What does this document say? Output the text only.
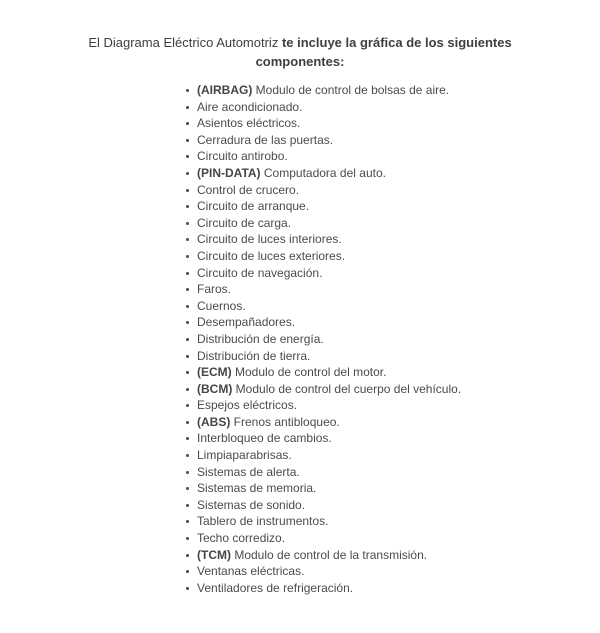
El Diagrama Eléctrico Automotriz te incluye la gráfica de los siguientes componentes:
(AIRBAG) Modulo de control de bolsas de aire.
Aire acondicionado.
Asientos eléctricos.
Cerradura de las puertas.
Circuito antirobo.
(PIN-DATA) Computadora del auto.
Control de crucero.
Circuito de arranque.
Circuito de carga.
Circuito de luces interiores.
Circuito de luces exteriores.
Circuito de navegación.
Faros.
Cuernos.
Desempañadores.
Distribución de energía.
Distribución de tierra.
(ECM) Modulo de control del motor.
(BCM) Modulo de control del cuerpo del vehículo.
Espejos eléctricos.
(ABS) Frenos antibloqueo.
Interbloqueo de cambios.
Limpiaparabrisas.
Sistemas de alerta.
Sistemas de memoria.
Sistemas de sonido.
Tablero de instrumentos.
Techo corredizo.
(TCM) Modulo de control de la transmisión.
Ventanas eléctricas.
Ventiladores de refrigeración.
